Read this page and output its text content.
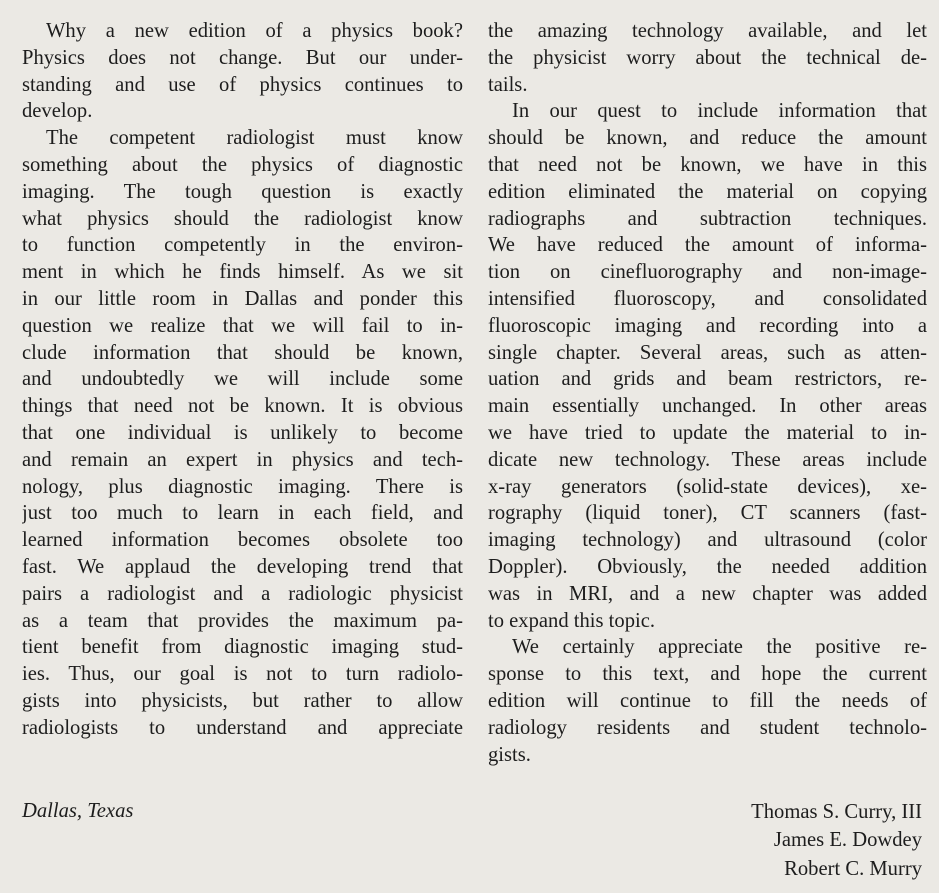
Why a new edition of a physics book?
Physics does not change. But our under-
standing and use of physics continues to
develop.
The competent radiologist must know
something about the physics of diagnostic
imaging. The tough question is exactly
what physics should the radiologist know
to function competently in the environ-
ment in which he finds himself. As we sit
in our little room in Dallas and ponder this
question we realize that we will fail to in-
clude information that should be known,
and undoubtedly we will include some
things that need not be known. It is obvious
that one individual is unlikely to become
and remain an expert in physics and tech-
nology, plus diagnostic imaging. There is
just too much to learn in each field, and
learned information becomes obsolete too
fast. We applaud the developing trend that
pairs a radiologist and a radiologic physicist
as a team that provides the maximum pa-
tient benefit from diagnostic imaging stud-
ies. Thus, our goal is not to turn radiolo-
gists into physicists, but rather to allow
radiologists to understand and appreciate
the amazing technology available, and let
the physicist worry about the technical de-
tails.
In our quest to include information that
should be known, and reduce the amount
that need not be known, we have in this
edition eliminated the material on copying
radiographs and subtraction techniques.
We have reduced the amount of informa-
tion on cinefluorography and non-image-
intensified fluoroscopy, and consolidated
fluoroscopic imaging and recording into a
single chapter. Several areas, such as atten-
uation and grids and beam restrictors, re-
main essentially unchanged. In other areas
we have tried to update the material to in-
dicate new technology. These areas include
x-ray generators (solid-state devices), xe-
rography (liquid toner), CT scanners (fast-
imaging technology) and ultrasound (color
Doppler). Obviously, the needed addition
was in MRI, and a new chapter was added
to expand this topic.
We certainly appreciate the positive re-
sponse to this text, and hope the current
edition will continue to fill the needs of
radiology residents and student technolo-
gists.
Dallas, Texas	Thomas S. Curry, III
James E. Dowdey
Robert C. Murry
